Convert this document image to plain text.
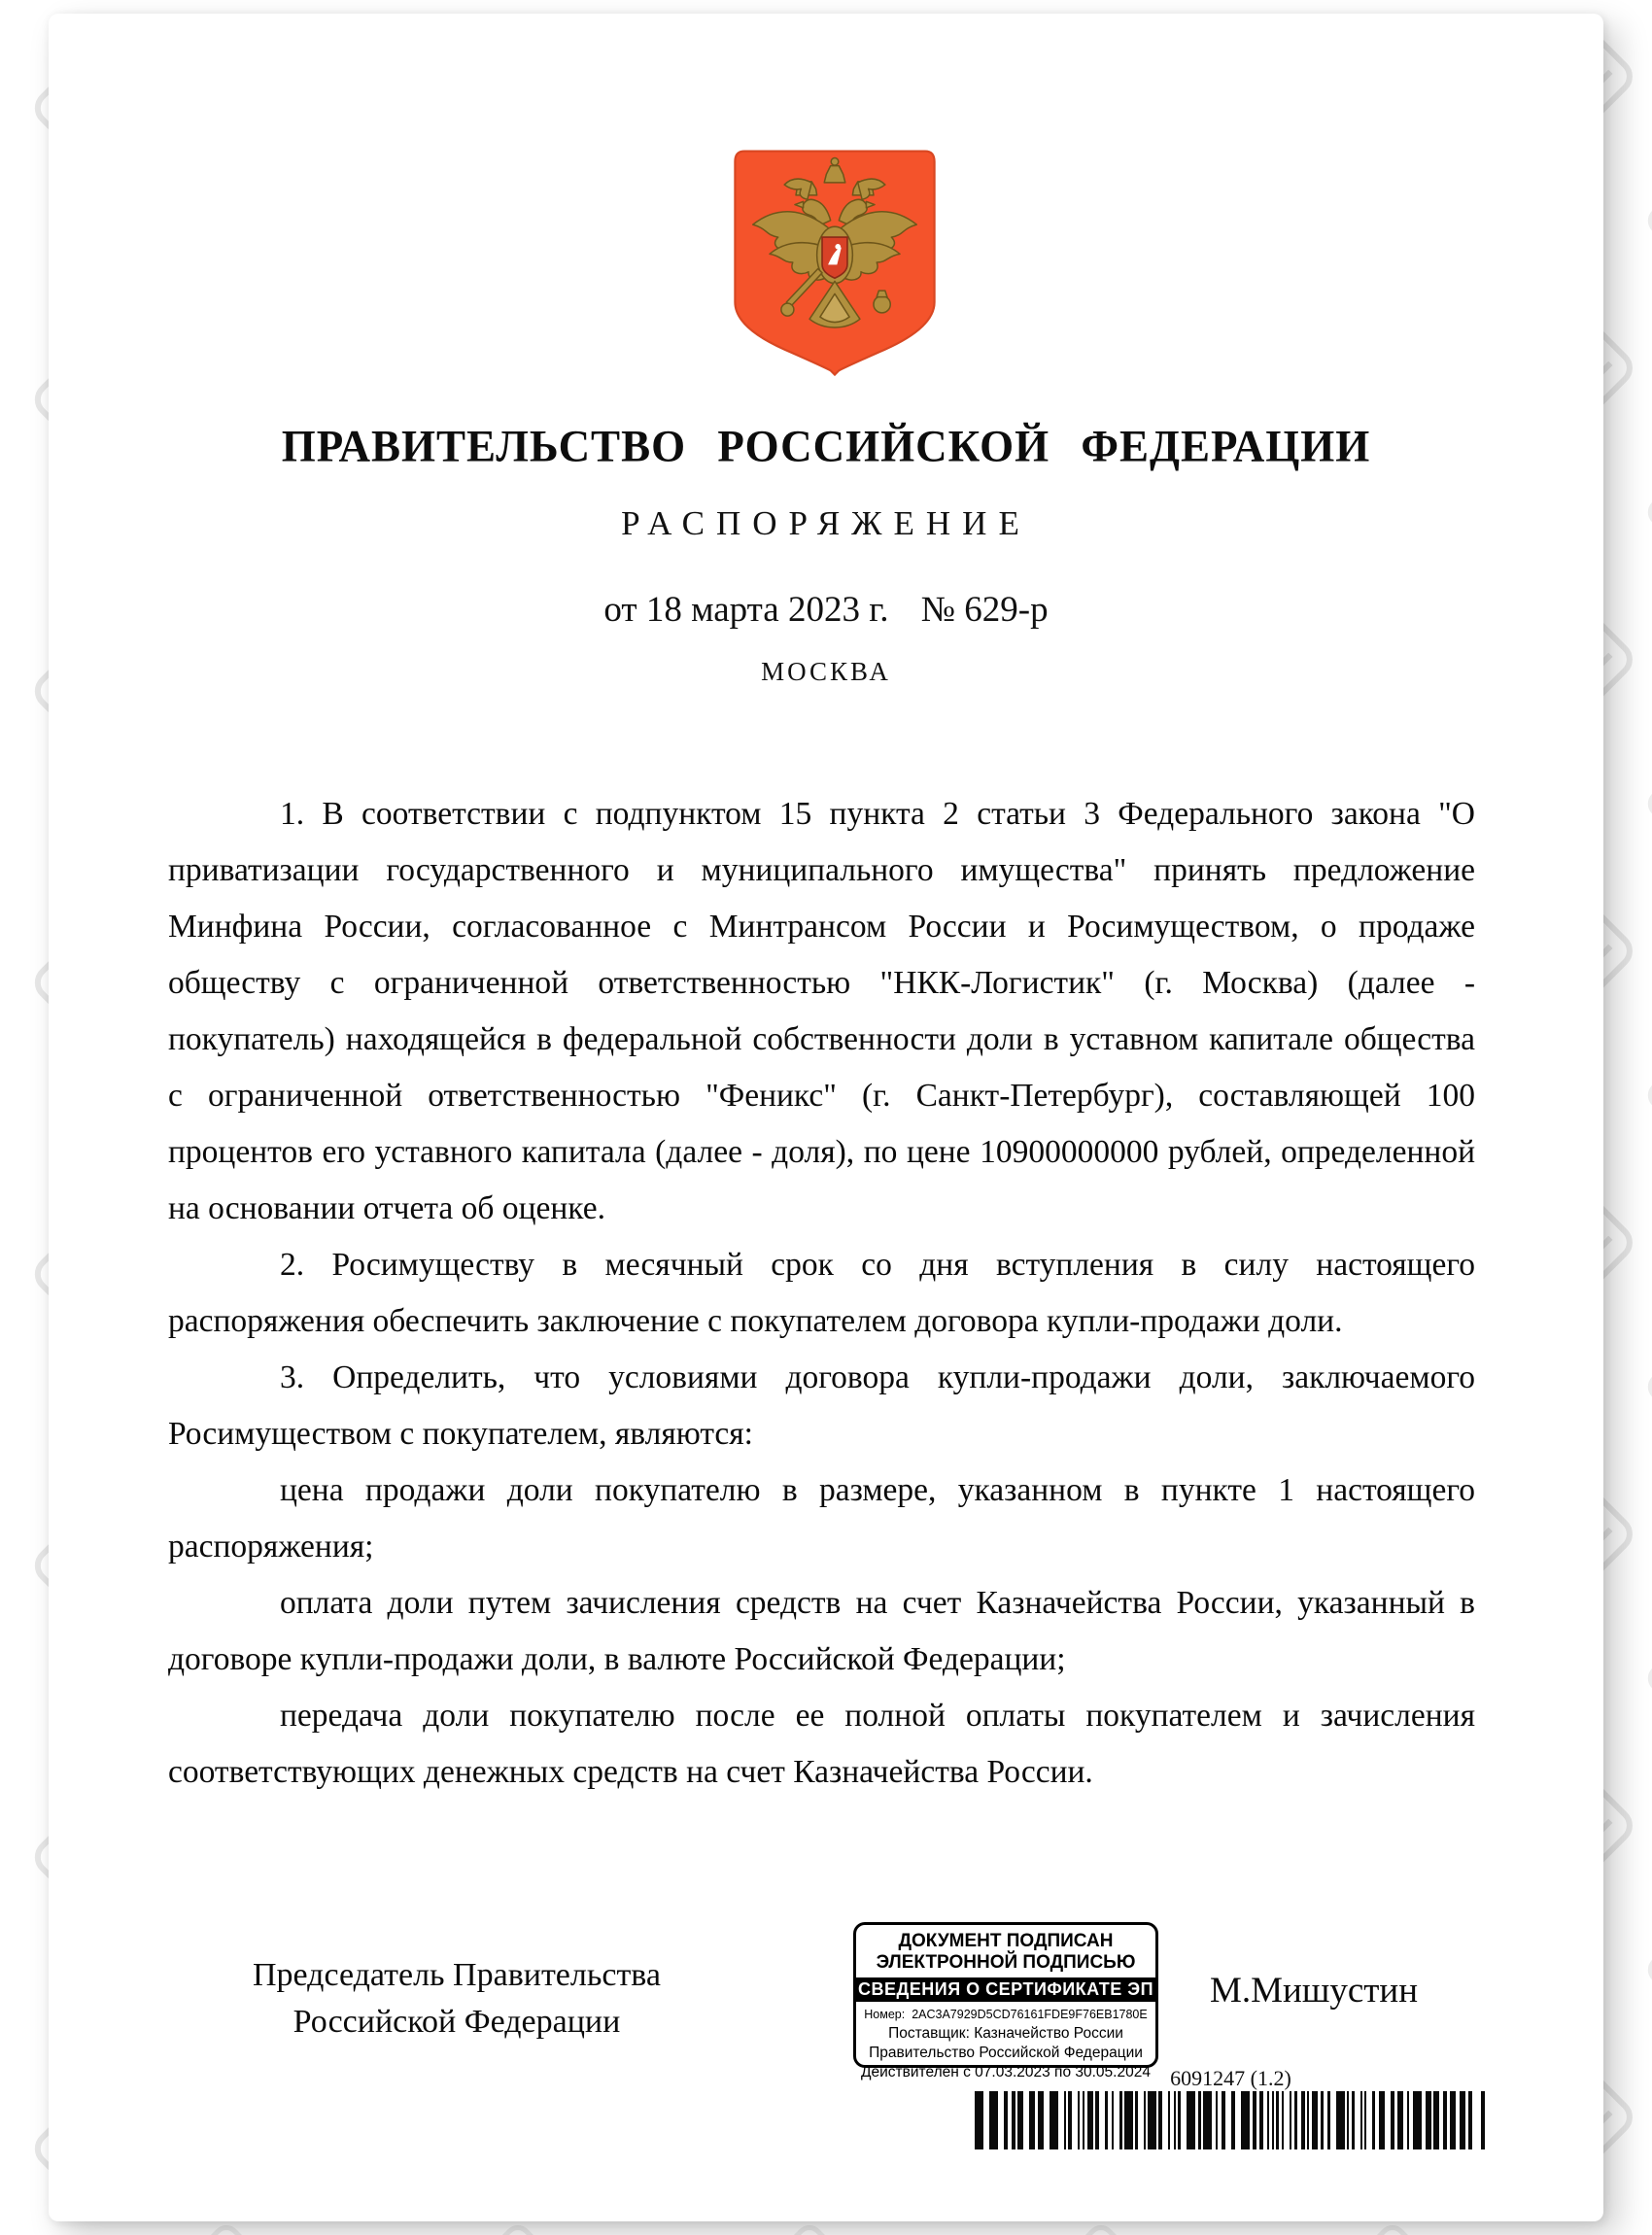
ПРАВИТЕЛЬСТВО РОССИЙСКОЙ ФЕДЕРАЦИИ
РАСПОРЯЖЕНИЕ
от 18 марта 2023 г. № 629-р
МОСКВА

1. В соответствии с подпунктом 15 пункта 2 статьи 3 Федерального закона "О приватизации государственного и муниципального имущества" принять предложение Минфина России, согласованное с Минтрансом России и Росимуществом, о продаже обществу с ограниченной ответственностью "НКК-Логистик" (г. Москва) (далее - покупатель) находящейся в федеральной собственности доли в уставном капитале общества с ограниченной ответственностью "Феникс" (г. Санкт-Петербург), составляющей 100 процентов его уставного капитала (далее - доля), по цене 10900000000 рублей, определенной на основании отчета об оценке.

2. Росимуществу в месячный срок со дня вступления в силу настоящего распоряжения обеспечить заключение с покупателем договора купли-продажи доли.

3. Определить, что условиями договора купли-продажи доли, заключаемого Росимуществом с покупателем, являются:

цена продажи доли покупателю в размере, указанном в пункте 1 настоящего распоряжения;

оплата доли путем зачисления средств на счет Казначейства России, указанный в договоре купли-продажи доли, в валюте Российской Федерации;

передача доли покупателю после ее полной оплаты покупателем и зачисления соответствующих денежных средств на счет Казначейства России.

Председатель Правительства
Российской Федерации
ДОКУМЕНТ ПОДПИСАН
ЭЛЕКТРОННОЙ ПОДПИСЬЮ
СВЕДЕНИЯ О СЕРТИФИКАТЕ ЭП
Номер: 2AC3A7929D5CD76161FDE9F76EB1780E
Поставщик: Казначейство России
Правительство Российской Федерации
Действителен с 07.03.2023 по 30.05.2024
М.Мишустин
6091247 (1.2)
